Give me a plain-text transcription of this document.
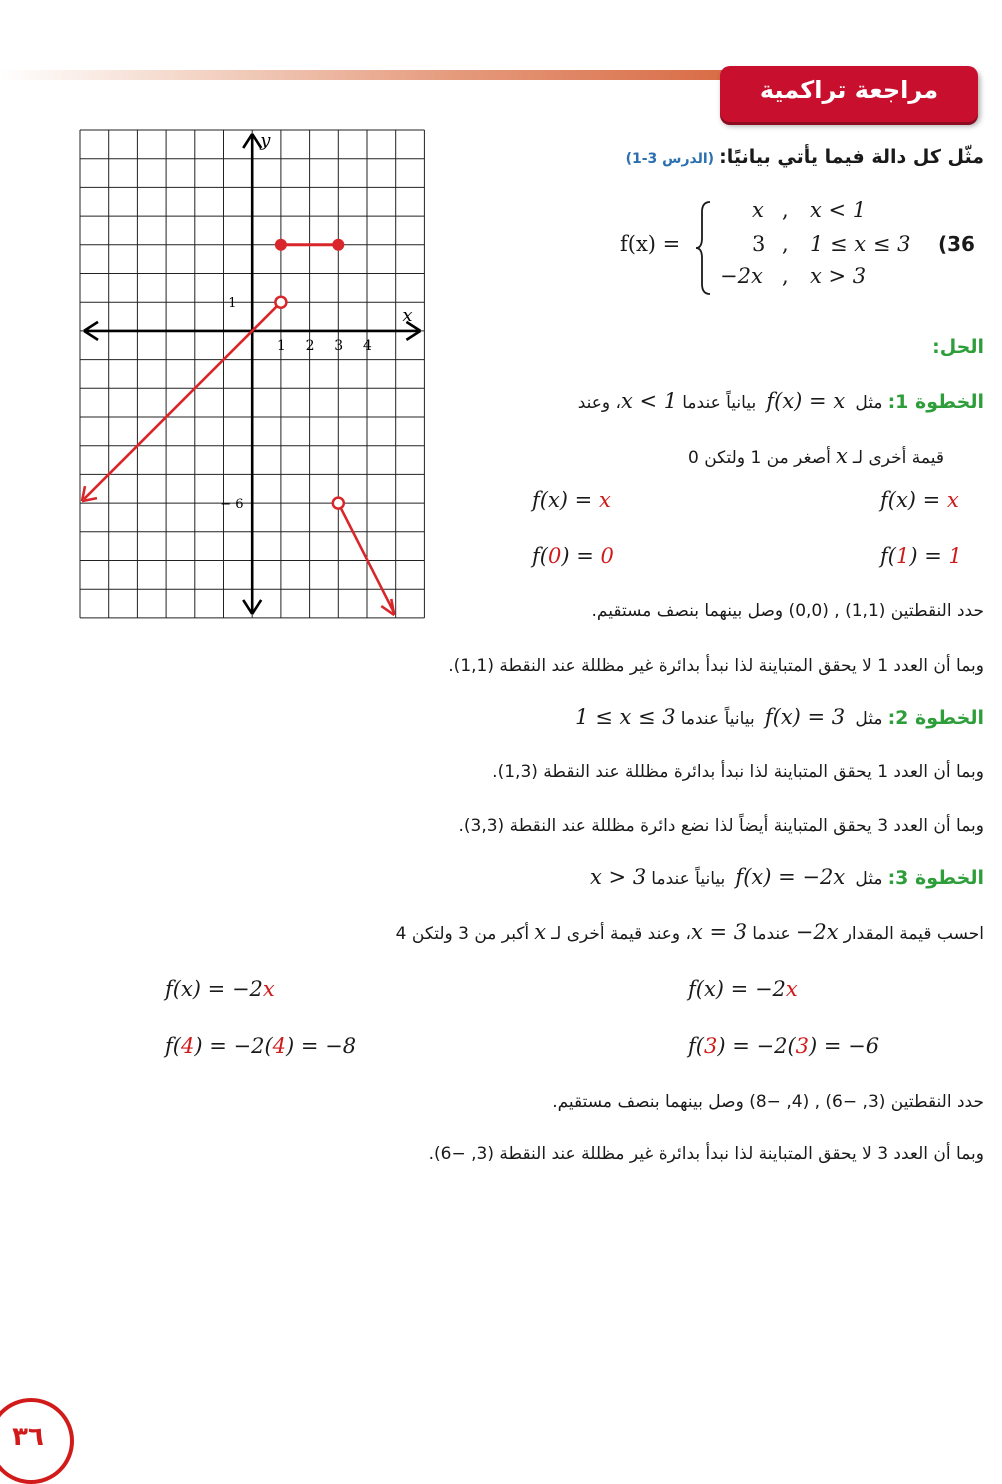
مراجعة تراكمية
x
y
1 2 3 4
1
− 6
مثّل كل دالة فيما يأتي بيانيًا: (الدرس 3-1)
f(x) =
x , x < 1
3 , 1 ≤ x ≤ 3
−2x , x > 3
(36
الحل:
الخطوة 1: مثل  f(x) = x  بيانياً عندما x < 1، وعند
قيمة أخرى لـ x أصغر من 1 ولتكن 0
f(x) = x
f(1) = 1
f(x) = x
f(0) = 0
حدد النقطتين (1,1) , (0,0) وصل بينهما بنصف مستقيم.
وبما أن العدد 1 لا يحقق المتباينة لذا نبدأ بدائرة غير مظللة عند النقطة (1,1).
الخطوة 2: مثل  f(x) = 3  بيانياً عندما 1 ≤ x ≤ 3
وبما أن العدد 1 يحقق المتباينة لذا نبدأ بدائرة مظللة عند النقطة (1,3).
وبما أن العدد 3 يحقق المتباينة أيضاً لذا نضع دائرة مظللة عند النقطة (3,3).
الخطوة 3: مثل  f(x) = −2x  بيانياً عندما x > 3
احسب قيمة المقدار −2x عندما x = 3، وعند قيمة أخرى لـ x أكبر من 3 ولتكن 4
f(x) = −2x
f(3) = −2(3) = −6
f(x) = −2x
f(4) = −2(4) = −8
حدد النقطتين (3, −6) , (4, −8) وصل بينهما بنصف مستقيم.
وبما أن العدد 3 لا يحقق المتباينة لذا نبدأ بدائرة غير مظللة عند النقطة (3, −6).
٣٦
